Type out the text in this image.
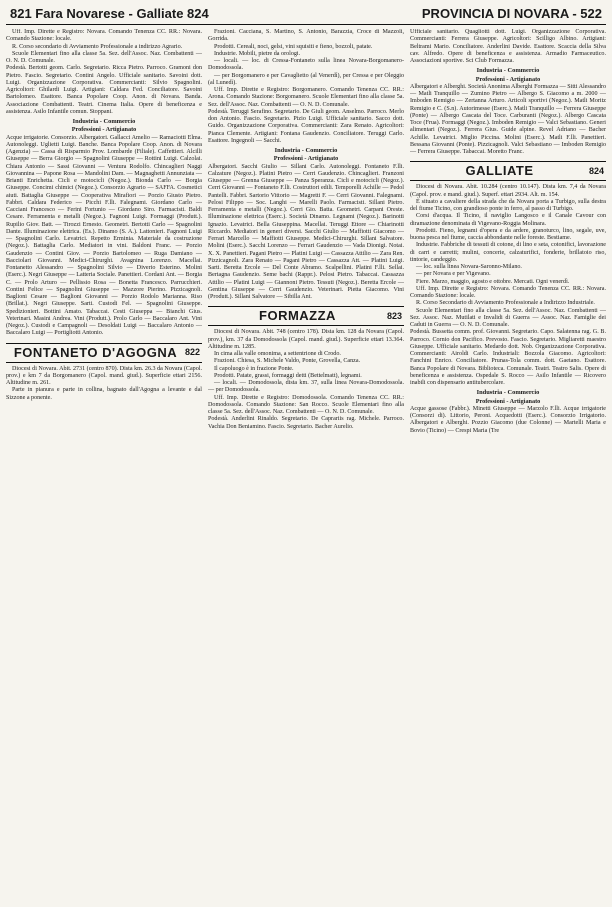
821 Fara Novarese - Galliate 824	PROVINCIA DI NOVARA - 522

Uff. Imp. Dirette e Registro: Novara. Comando Tenenza CC. RR.: Novara. Comando Stazione: locale.

R. Corso secondario di Avviamento Professionale a indirizzo Agrario.

Scuole Elementari fino alla classe 5a. Sez. dell'Assoc. Naz. Combattenti — O. N. D. Comunale.

Podestà. Bertotti geom. Carlo. Segretario. Ricca Pietro. Parroco. Gramoni don Pietro. Fascio. Segretario. Contini Angelo. Ufficiale sanitario. Savoini dott. Luigi. Organizzazione Corporativa. Commercianti: Silvio Spagnolini. Agricoltori: Ghilardi Luigi. Artigiani: Caldara Fed. Conciliatore. Savoini Bartolomeo. Esattore. Banca Popolare Coop. Anon. di Novara. Banda. Associazione Combattenti. Teatri. Cinema Italia. Opere di beneficenza e assistenza. Asilo Infantile comun. Stoppani.

Industria - Commercio
Professioni - Artigianato

Acque irrigatorie. Consorzio. Albergatori. Gallacci Amelio — Ramaciotti Elma. Autonoleggi. Uglietti Luigi. Banche. Banca Popolare Coop. Anon. di Novara (Agenzia) — Cassa di Risparmio Prov. Lombarde (Filiale). Caffettieri. Alcilli Giuseppe — Berra Giorgio — Spagnolini Giuseppe — Rottini Luigi. Calzolai. Chiara Antonio — Sassi Giovanni — Ventura Rodolfo. Chincaglieri Naggi Giovannina — Papone Rosa — Mandolini Dam. — Magnaghetti Annunziata — Brianti Enrichetta. Cicli e motocicli (Negoz.). Bionda Carlo — Borgia Giuseppe. Concimi chimici (Negoz.). Consorzio Agrario — SAFFA. Cosmetici aiuti. Battaglia Giuseppe — Cooperativa Mirafiori — Porzio Giusto Pietro. Fabbri. Caldara Federico — Picchi F.lli. Falegnami. Giordano Carlo — Cacciani Francesco — Ferini Fortunio — Giordano Siro. Farmacisti. Baldi Cesare. Ferramenta e metalli (Negoz.). Fagnoni Luigi. Formaggi (Produtt.). Rupilio Giov. Batt. — Tirozzi Ernesto. Geometri. Bertotti Carlo — Spagnolini Dante. Illuminazione elettrica. (Es.). Dinamo (S. A.). Lattonieri. Fagnoni Luigi — Spagnolini Carlo. Levatrici. Repetto Erminia. Materiale da costruzione (Negoz.). Battaglia Carlo. Mediatori in vini. Baldoni Franc. — Porzio Gaudenzio — Contini Giov. — Porzio Bartolomeo — Ruga Damiano — Bacciolari Giovanni. Medici-Chirurghi. Avagnina Lorenzo. Macellai. Fontanetto Alessandro — Spagnolini Silvio — Diverio Esterino. Molini (Eserc.). Negri Giuseppe — Latteria Sociale. Panettieri. Cordani Ant. — Borgia C. — Prolo Arturo — Pellissio Rosa — Bonetta Francesco. Parrucchieri. Contini Felice — Spagnolini Giuseppe — Mazzore Pierino. Pizzicagnoli. Baglioni Cesare — Baglioni Giovanni — Porzio Rodolo Marianna. Riso (Brillat.). Negri Giuseppe. Sarti. Custodi Fel. — Spagnolini Giuseppe. Spedizionieri. Bottini Amato. Tabaccai. Cesti Giuseppa — Bianchi Gius. Veterinari. Masini Andrea. Vini (Produtt.). Prolo Carlo — Baccalaro Ant. Vini (Negoz.). Custodi e Campagnoli — Desoldati Luigi — Baccalaro Antonio — Baccalaro Luigi — Portigliotti Antonio.

FONTANETO D'AGOGNA 822

Diocesi di Novara. Abit. 2731 (centro 870). Dista km. 26.3 da Novara (Capol. prov.) e km 7 da Borgomanero (Capol. mand. giud.). Superficie ettari 2156. Altitudine m. 261.

Parte in pianura e parte in collina, bagnato dall'Agogna a levante e dal Sizzone a ponente.

Frazioni. Cacciana, S. Martino, S. Antonio, Barazzia, Croce di Mazzoli, Gorrida.

Prodotti. Cereali, noci, gelsi, vini squisiti e fieno, bozzoli, patate.

Industrie. Mobili, pietre da orologi.

— locali. — loc. di Cressa-Fontaneto sulla linea Novara-Borgomanero-Domodossola.

— per Borgomanero e per Cavaglietto (al Venerdì), per Cressa e per Oleggio (al Lunedì).

Uff. Imp. Dirette e Registro: Borgomanero. Comando Tenenza CC. RR.: Arona. Comando Stazione: Borgomanero. Scuole Elementari fino alla classe 5a. Sez. dell'Assoc. Naz. Combattenti — O. N. D. Comunale.

Podestà. Teruggi Serafino. Segretario. De Giuli geom. Anselmo. Parroco. Merlo don Antonio. Fascio. Segretario. Pizio Luigi. Ufficiale sanitario. Sacco dott. Guido. Organizzazione Corporativa. Commercianti: Zara Renato. Agricoltori: Pianca Clemente. Artigiani: Fontana Gaudenzio. Conciliatore. Teruggi Carlo. Esattore. Ingegnoli — Sacchi.

Industria - Commercio
Professioni - Artigianato

Albergatori. Sacchi Giulio — Sillani Carlo. Autonoleggi. Fontaneto F.lli. Calzature (Negoz.). Platini Pietro — Cerri Gaudenzio. Chincaglieri. Franzoni Giuseppe — Grenna Giuseppe — Panza Speranza. Cicli e motocicli (Negoz.). Cerri Giovanni — Fontaneto F.lli. Costruttori edili. Temporelli Achille — Pedol Pantelli. Fabbri. Sartorio Vittorio — Magretti F. — Cerri Giovanni. Falegnami. Pelosi Filippo — Soc. Langhi — Marelli Paolo. Farmacisti. Sillani Pietro. Ferramenta e metalli (Negoz.). Cerri Gio. Batta. Geometri. Carpani Oreste. Illuminazione elettrica (Eserc.). Società Dinamo. Legnami (Negoz.). Barinotti Ignazio. Levatrici. Bella Giuseppina. Macellai. Teruggi Ettore — Chiarinotti Riccardo. Mediatori in generi diversi. Sacchi Giulio — Maffiotti Giacomo — Ferrari Marcello — Maffiotti Giuseppe. Medici-Chirurghi. Sillani Salvatore. Molini (Eserc.). Sacchi Lorenzo — Ferrari Gaudenzio — Vada Dionigi. Notai. X. X. Panettieri. Pagani Pietro — Platini Luigi — Cassazza Attilio — Zara Ren. Pizzicagnoli. Zara Renato — Pagani Pietro — Cassazza Att. — Platini Luigi. Sarti. Beretta Ercole — Del Conte Abramo. Scalpellini. Platini F.lli. Sellai. Bertagna Gaudenzio. Seme bachi (Rappr.). Pelosi Pietro. Tabaccai. Cassazza Attilio — Platini Luigi — Giannoni Pietro. Tessuti (Negoz.). Beretta Ercole — Gentina Giuseppe — Cerri Gaudenzio. Veterinari. Pietta Giacomo. Vini (Produtt.). Sillani Salvatore — Sibilla Ant.

FORMAZZA	823

Diocesi di Novara. Abit. 748 (centro 178). Dista km. 128 da Novara (Capol. prov.), km. 37 da Domodossola (Capol. mand. giud.). Superficie ettari 13.364. Altitudine m. 1285.

In cima alla valle omonima, a settentrione di Crodo.

Frazioni. Chiesa, S. Michele Valdo, Ponte, Grovella, Canza.

Il capoluogo è in frazione Ponte.

Prodotti. Patate, grassi, formaggi detti (Bettelmatt), legnami.

— locali. — Domodossola, dista km. 37, sulla linea Novara-Domodossola. — per Domodossola.

Uff. Imp. Dirette e Registro: Domodossola. Comando Tenenza CC. RR.: Domodossola. Comando Stazione: San Rocco. Scuole Elementari fino alla classe 5a. Sez. dell'Assoc. Naz. Combattenti — O. N. D. Comunale.

Podestà. Anderlini Rinaldo. Segretario. De Caprariis rag. Michele. Parroco. Vachia Don Beniamino. Fascio. Segretario. Bacher Aurelio.

Ufficiale sanitario. Quagliotti dott. Luigi. Organizzazione Corporativa. Commercianti: Ferrera Giuseppe. Agricoltori: Scilligo Albino. Artigiani: Beltrami Mario. Conciliatore. Anderlini Davide. Esattore. Scaccia della Silva cav. Alfredo. Opere di beneficenza e assistenza. Armadio Farmaceutico. Associazioni sportive. Sci Club Formazza.

Industria - Commercio
Professioni - Artigianato

Albergatori e Alberghi. Società Anonima Alberghi Formazza — Sitti Alessandro — Matli Tranquillo — Zumino Pietro — Albergo S. Giacomo a m. 2000 — Imboden Remigio — Zertanna Arturo. Articoli sportivi (Negoz.). Matli Moritz Remigio e C. (S.n). Autorimesse (Eserc.). Matli Tranquillo — Ferrera Giuseppe (Ponte) — Albergo Cascata del Toce. Carburanti (Negoz.). Albergo Cascata Toce (Frua). Formaggi (Negoz.). Imboden Remigio — Valci Sebastiano. Generi alimentari (Negoz.). Ferrera Gius. Guide alpine. Revel Adriano — Bacher Achille. Levatrici. Miglio Piccina. Molini (Eserc.). Matli F.lli. Panettieri. Bessana Giovanni (Ponte). Pizzicagnoli. Valci Sebastiano — Imboden Remigio — Ferrera Giuseppe. Tabaccai. Moretto Franc.

GALLIATE	824

Diocesi di Novara. Abit. 10.284 (centro 10.147). Dista km. 7,4 da Novara (Capol. prov. e mand. giud.). Superf. ettari 2934. Alt. m. 154.

È situato a cavaliere della strada che da Novara porta a Turbigo, sulla destra del fiume Ticino, con grandioso ponte in ferro, al passo di Turbigo.

Corsi d'acqua. Il Ticino, il naviglio Langosco e il Canale Cavour con diramazione denominata di Vigevano-Roggia Molinara.

Prodotti. Fieno, legnami d'opera e da ardere, granoturco, lino, segale, uve, buona pesca nel fiume, caccia abbondante nelle foreste. Bestiame.

Industrie. Fabbriche di tessuti di cotone, di lino e seta, cotonifici, lavorazione di carri e carretti; mulini, concerie, calzaturifici, fonderie, brillatoio riso, tintorie, candeggio.

— loc. sulla linea Novara-Saronno-Milano.

— per Novara e per Vigevano.

Fiere. Marzo, maggio, agosto e ottobre. Mercati. Ogni venerdì.

Uff. Imp. Dirette e Registro: Novara. Comando Tenenza CC. RR.: Novara. Comando Stazione: locale.

R. Corso Secondario di Avviamento Professionale a Indirizzo Industriale.

Scuole Elementari fino alla classe 5a. Sez. dell'Assoc. Naz. Combattenti — Sez. Assoc. Naz. Mutilati e Invalidi di Guerra — Assoc. Naz. Famiglie dei Caduti in Guerra — O. N. D. Comunale.

Podestà. Bussetta comm. prof. Giovanni. Segretario. Capo. Salatenna rag. G. B. Parroco. Cornio don Pacifico. Prevosto. Fascio. Segretario. Migliaretti maestro Giuseppe. Ufficiale sanitario. Medardo dott. Nob. Organizzazione Corporativa. Commercianti: Airoldi Carlo. Industriali: Bozzola Giacomo. Agricoltori: Fanchini Enrico. Conciliatore. Prunas-Tola comm. dott. Gaetano. Esattore. Banca Popolare di Novara. Biblioteca. Comunale. Teatri. Teatro Salis. Opere di beneficenza e assistenza. Ospedale S. Rocco — Asilo Infantile — Ricovero inabili con dispensario antitubercolare.

Industria - Commercio
Professioni - Artigianato

Acque gassose (Fabbr.). Minetti Giuseppe — Marzolo F.lli. Acque irrigatorie (Consorzi di). Littorio, Peroni. Acquedotti (Eserc.). Consorzio Irrigatorio. Albergatori e Alberghi. Pozzio Giacomo (due Colonne) — Martelli Maria e Bovio (Ticino) — Crespi Maria (Tre
